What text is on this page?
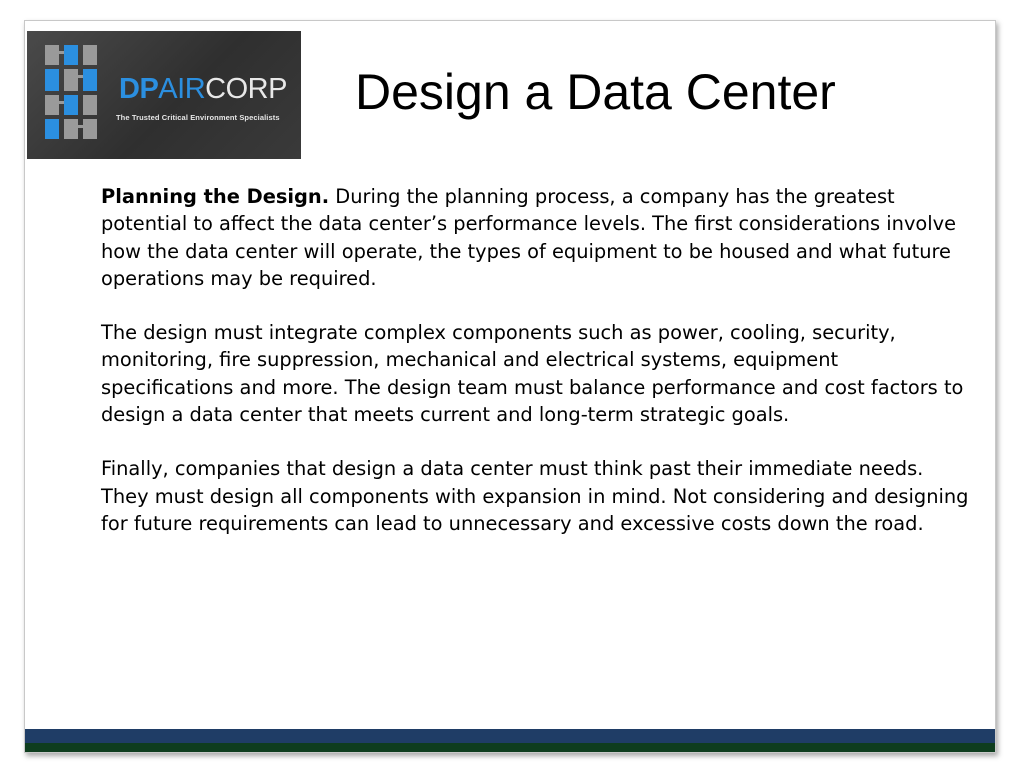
DPAIRCORP
The Trusted Critical Environment Specialists	Design a Data Center

Planning the Design. During the planning process, a company has the greatest potential to affect the data center’s performance levels. The first considerations involve how the data center will operate, the types of equipment to be housed and what future operations may be required.

The design must integrate complex components such as power, cooling, security, monitoring, fire suppression, mechanical and electrical systems, equipment specifications and more. The design team must balance performance and cost factors to design a data center that meets current and long-term strategic goals.

Finally, companies that design a data center must think past their immediate needs. They must design all components with expansion in mind. Not considering and designing for future requirements can lead to unnecessary and excessive costs down the road.
